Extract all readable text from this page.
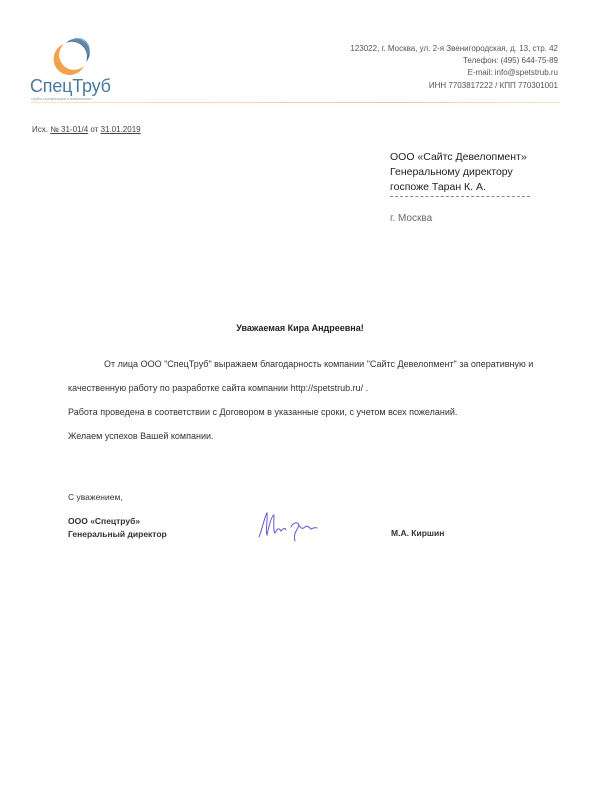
СпецТруб
трубы специального назначения
123022, г. Москва, ул. 2-я Звенигородская, д. 13, стр. 42
Телефон: (495) 644-75-89
E-mail: info@spetstrub.ru
ИНН 7703817222 / КПП 770301001
Исх. № 31-01/4 от 31.01.2019
ООО «Сайтс Девелопмент»
Генеральному директору
госпоже Таран К. А.
г. Москва
Уважаемая Кира Андреевна!

От лица ООО "СпецТруб" выражаем благодарность компании "Сайтс Девелопмент" за оперативную и качественную работу по разработке сайта компании http://spetstrub.ru/ .

Работа проведена в соответствии с Договором в указанные сроки, с учетом всех пожеланий.

Желаем успехов Вашей компании.

С уважением,
ООО «Спецтруб»
Генеральный директор	М.А. Киршин
